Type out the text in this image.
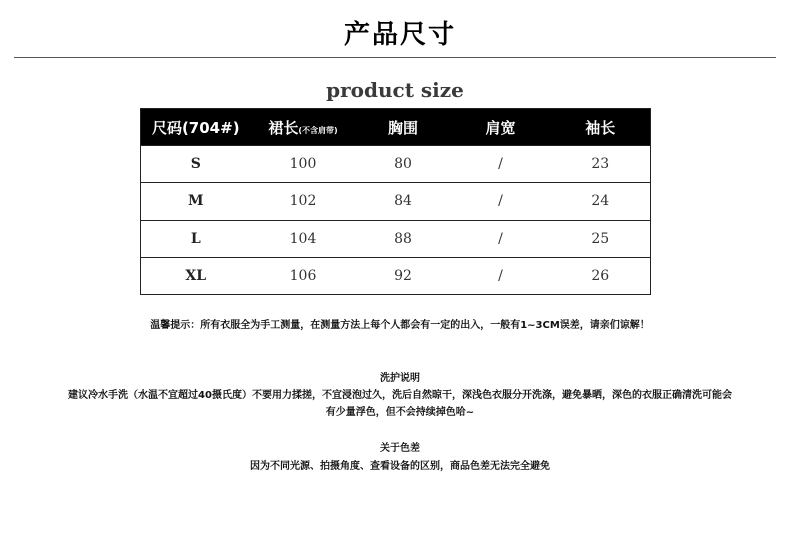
产品尺寸
product size
尺码(704#)	裙长(不含肩带)	胸围	肩宽	袖长
S	100	80	/	23
M	102	84	/	24
L	104	88	/	25
XL	106	92	/	26
温馨提示：所有衣服全为手工测量，在测量方法上每个人都会有一定的出入，一般有1~3CM误差，请亲们谅解！
洗护说明
建议冷水手洗（水温不宜超过40摄氏度）不要用力揉搓，不宜浸泡过久，洗后自然晾干，深浅色衣服分开洗涤，避免暴晒，深色的衣服正确清洗可能会
有少量浮色，但不会持续掉色哈~
关于色差
因为不同光源、拍摄角度、查看设备的区别，商品色差无法完全避免
